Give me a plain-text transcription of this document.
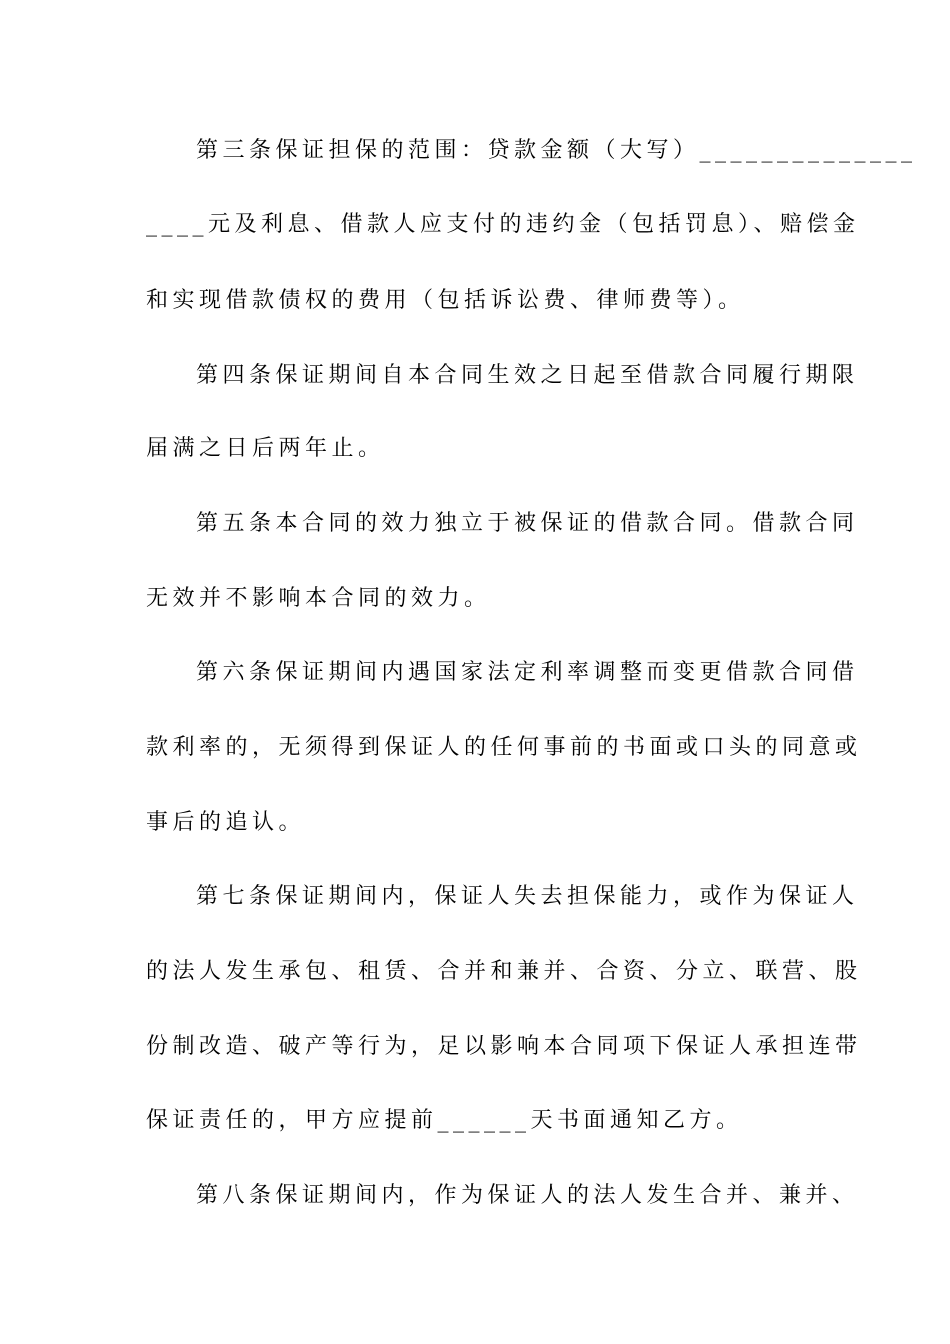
第三条保证担保的范围：贷款金额（大写）______________
____元及利息、借款人应支付的违约金（包括罚息）、赔偿金
和实现借款债权的费用（包括诉讼费、律师费等）。
第四条保证期间自本合同生效之日起至借款合同履行期限
届满之日后两年止。
第五条本合同的效力独立于被保证的借款合同。借款合同
无效并不影响本合同的效力。
第六条保证期间内遇国家法定利率调整而变更借款合同借
款利率的，无须得到保证人的任何事前的书面或口头的同意或
事后的追认。
第七条保证期间内，保证人失去担保能力，或作为保证人
的法人发生承包、租赁、合并和兼并、合资、分立、联营、股
份制改造、破产等行为，足以影响本合同项下保证人承担连带
保证责任的，甲方应提前______天书面通知乙方。
第八条保证期间内，作为保证人的法人发生合并、兼并、
